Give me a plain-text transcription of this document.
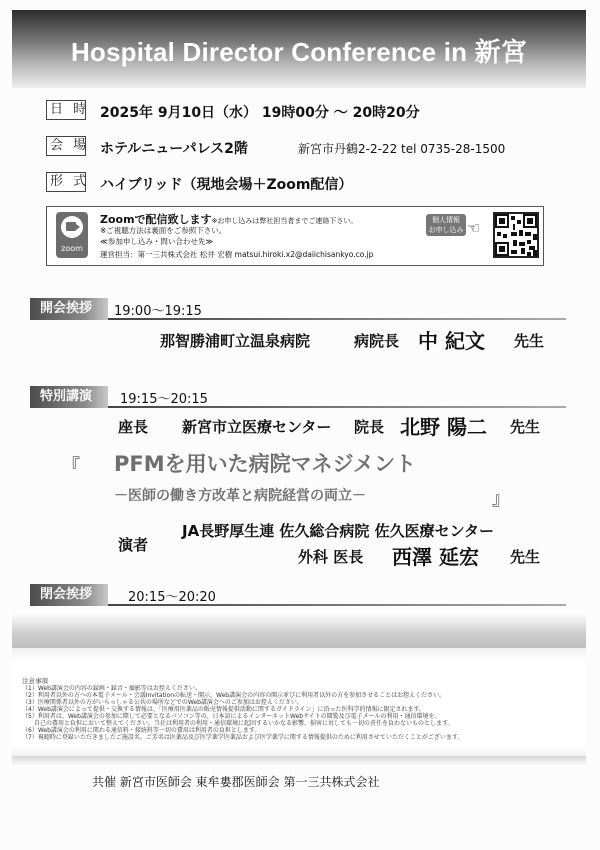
Hospital Director Conference in 新宮
日 時 2025年 9月10日（水） 19時00分 ～ 20時20分
会 場 ホテルニューパレス2階	新宮市丹鶴2-2-22 tel 0735-28-1500
形 式 ハイブリッド（現地会場＋Zoom配信）
zoom
Zoomで配信致します※お申し込みは弊社担当者までご連絡下さい。
※ご視聴方法は裏面をご参照下さい。
≪参加申し込み・問い合わせ先≫
運営担当：第一三共株式会社 松井 宏樹 matsui.hiroki.x2@daiichisankyo.co.jp
個人情報
お申し込み ☜
開会挨拶	19:00～19:15
那智勝浦町立温泉病院	病院長 中 紀文 先生
特別講演	19:15～20:15
座長 新宮市立医療センター 院長 北野 陽二 先生
『 PFMを用いた病院マネジメント
－医師の働き方改革と病院経営の両立－	』
演者
JA長野厚生連 佐久総合病院 佐久医療センター
外科 医長 西澤 延宏 先生
閉会挨拶	20:15～20:20
注意事項
（1）Web講演会の内容の録画・録音・撮影等はお控えください。
（2）利用者以外の方への本電子メール・会議Invitationの転送・開示、Web講演会の内容の開示並びに利用者以外の方を参加させることはお控えください。
（3）医療関係者以外の方がいらっしゃる公共の場所などでのWeb講演会へのご参加はお控えください。
（4）Web講演会によって提供・交換する情報は、「医療用医薬品の販売情報提供活動に関するガイドライン」に沿った医科学的情報に限定されます。
（5）利用者は、Web講演会の参加に際して必要となるパソコン等の、日本語によるインターネットWebサイトの閲覧及び電子メールの利用・通信環境を、
　　自己の費用と負担において整えてください。当社は利用者の利用・通信環境に起因するいかなる影響、損害に対しても一切の責任を負わないものとします。
（6）Web講演会の利用に関わる通信料・接続料等一切の費用は利用者の負担とします。
（7）視聴時に登録いただきましたご施設名、ご芳名は医薬品及び医学薬学医薬品および医学薬学に関する情報提供のために利用させていただくことがございます。
共催 新宮市医師会 東牟婁郡医師会 第一三共株式会社
